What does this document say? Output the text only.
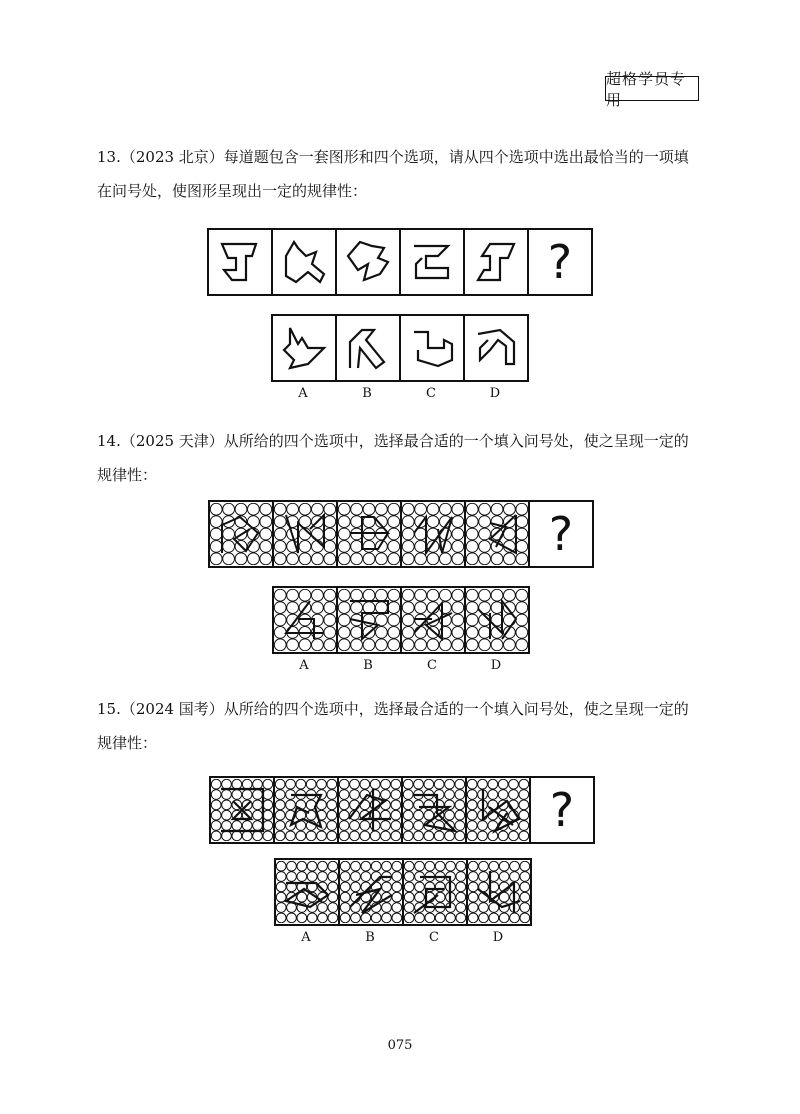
超格学员专用
13.（2023 北京）每道题包含一套图形和四个选项，请从四个选项中选出最恰当的一项填
在问号处，使图形呈现出一定的规律性：
?
A	B	C	D
14.（2025 天津）从所给的四个选项中，选择最合适的一个填入问号处，使之呈现一定的
规律性：
?
A	B	C	D
15.（2024 国考）从所给的四个选项中，选择最合适的一个填入问号处，使之呈现一定的
规律性：
?
A	B	C	D
075
